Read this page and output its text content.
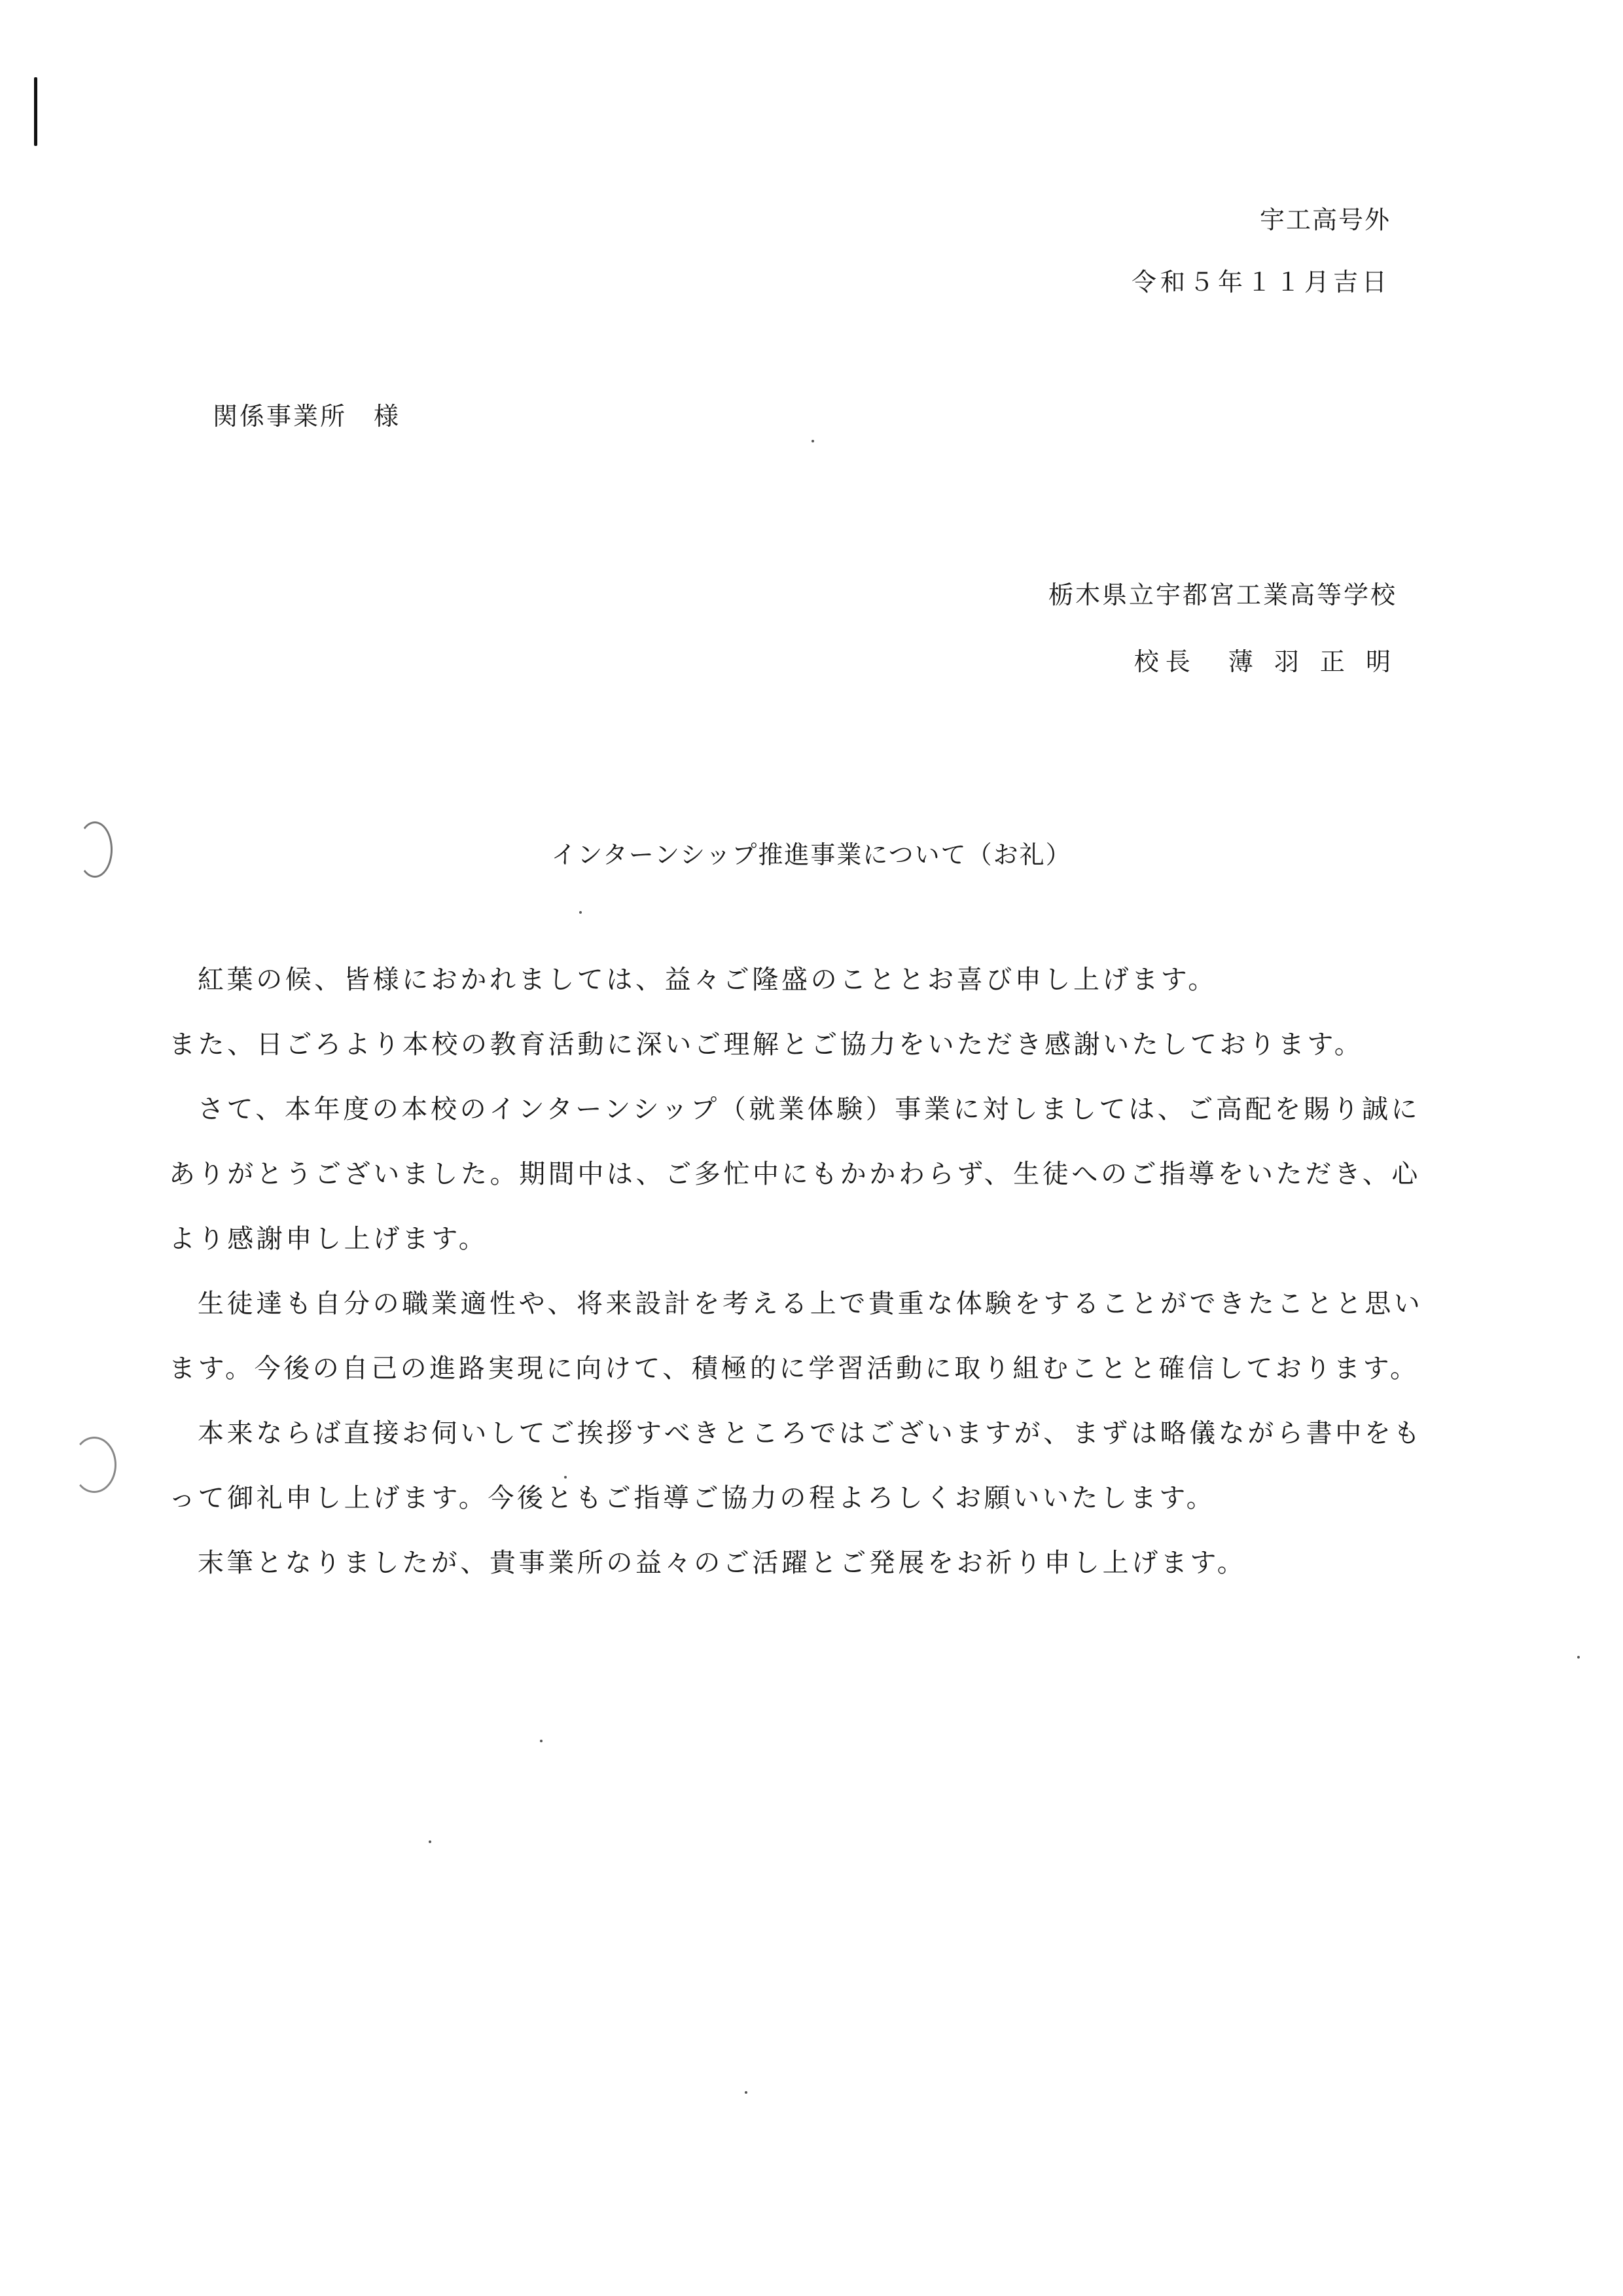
宇工高号外
令和５年１１月吉日
関係事業所　様
栃木県立宇都宮工業高等学校
校長　薄 羽 正 明
インターンシップ推進事業について（お礼）

紅葉の候、皆様におかれましては、益々ご隆盛のこととお喜び申し上げます。

また、日ごろより本校の教育活動に深いご理解とご協力をいただき感謝いたしております。

さて、本年度の本校のインターンシップ（就業体験）事業に対しましては、ご高配を賜り誠にありがとうございました。期間中は、ご多忙中にもかかわらず、生徒へのご指導をいただき、心より感謝申し上げます。

生徒達も自分の職業適性や、将来設計を考える上で貴重な体験をすることができたことと思います。今後の自己の進路実現に向けて、積極的に学習活動に取り組むことと確信しております。

本来ならば直接お伺いしてご挨拶すべきところではございますが、まずは略儀ながら書中をもって御礼申し上げます。今後ともご指導ご協力の程よろしくお願いいたします。

末筆となりましたが、貴事業所の益々のご活躍とご発展をお祈り申し上げます。
